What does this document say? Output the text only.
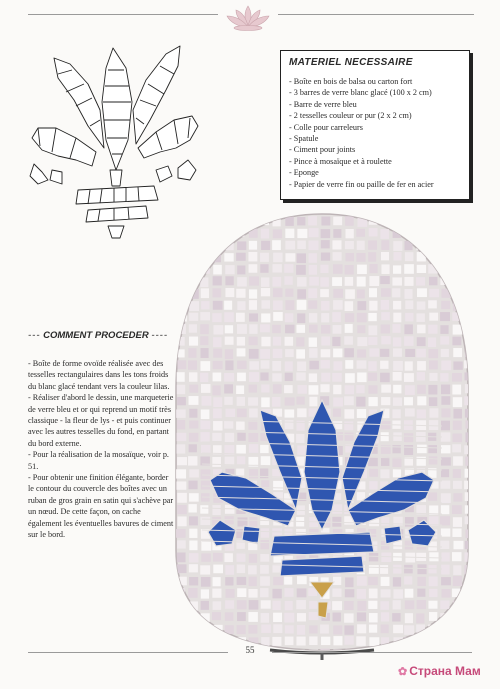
MATERIEL NECESSAIRE
- Boîte en bois de balsa ou carton fort
- 3 barres de verre blanc glacé (100 x 2 cm)
- Barre de verre bleu
- 2 tesselles couleur or pur (2 x 2 cm)
- Colle pour carreleurs
- Spatule
- Ciment pour joints
- Pince à mosaïque et à roulette
- Eponge
- Papier de verre fin ou paille de fer en acier
--- COMMENT PROCEDER ----

- Boîte de forme ovoïde réalisée avec des tesselles rectangulaires dans les tons froids du blanc glacé tendant vers la couleur lilas.

- Réaliser d'abord le dessin, une marqueterie de verre bleu et or qui reprend un motif très classique - la fleur de lys - et puis continuer avec les autres tesselles du fond, en partant du bord externe.

- Pour la réalisation de la mosaïque, voir p. 51.

- Pour obtenir une finition élégante, border le contour du couvercle des boîtes avec un ruban de gros grain en satin qui s'achève par un nœud. De cette façon, on cache également les éventuelles bavures de ciment sur le bord.

55
✿ Страна Мам
